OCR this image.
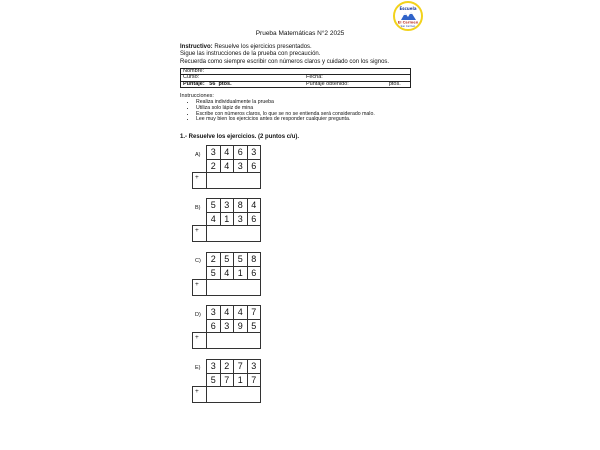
Prueba Matemáticas N°2 2025
Escuela
El Carmen
San Carmen
Instructivo: Resuelve los ejercicios presentados.
Sigue las instrucciones de la prueba con precaución.
Recuerda como siempre escribir con números claros y cuidado con los signos.
Nombre:
Curso:	Fecha:

Puntaje: 56 ptos.	Puntaje obtenido:	ptos.
Instrucciones:
• Realiza individualmente la prueba
• Utiliza solo lápiz de mina
• Escribe con números claros, lo que se no se entienda será considerado malo.
• Lee muy bien los ejercicios antes de responder cualquier pregunta.
1.- Resuelve los ejercicios. (2 puntos c/u).
A)
	3	4	6	3
	2	4	3	6
+				
B)
	5	3	8	4
	4	1	3	6
+				
C)
	2	5	5	8
	5	4	1	6
+				
D)
	3	4	4	7
	6	3	9	5
+				
E)
	3	2	7	3
	5	7	1	7
+				
